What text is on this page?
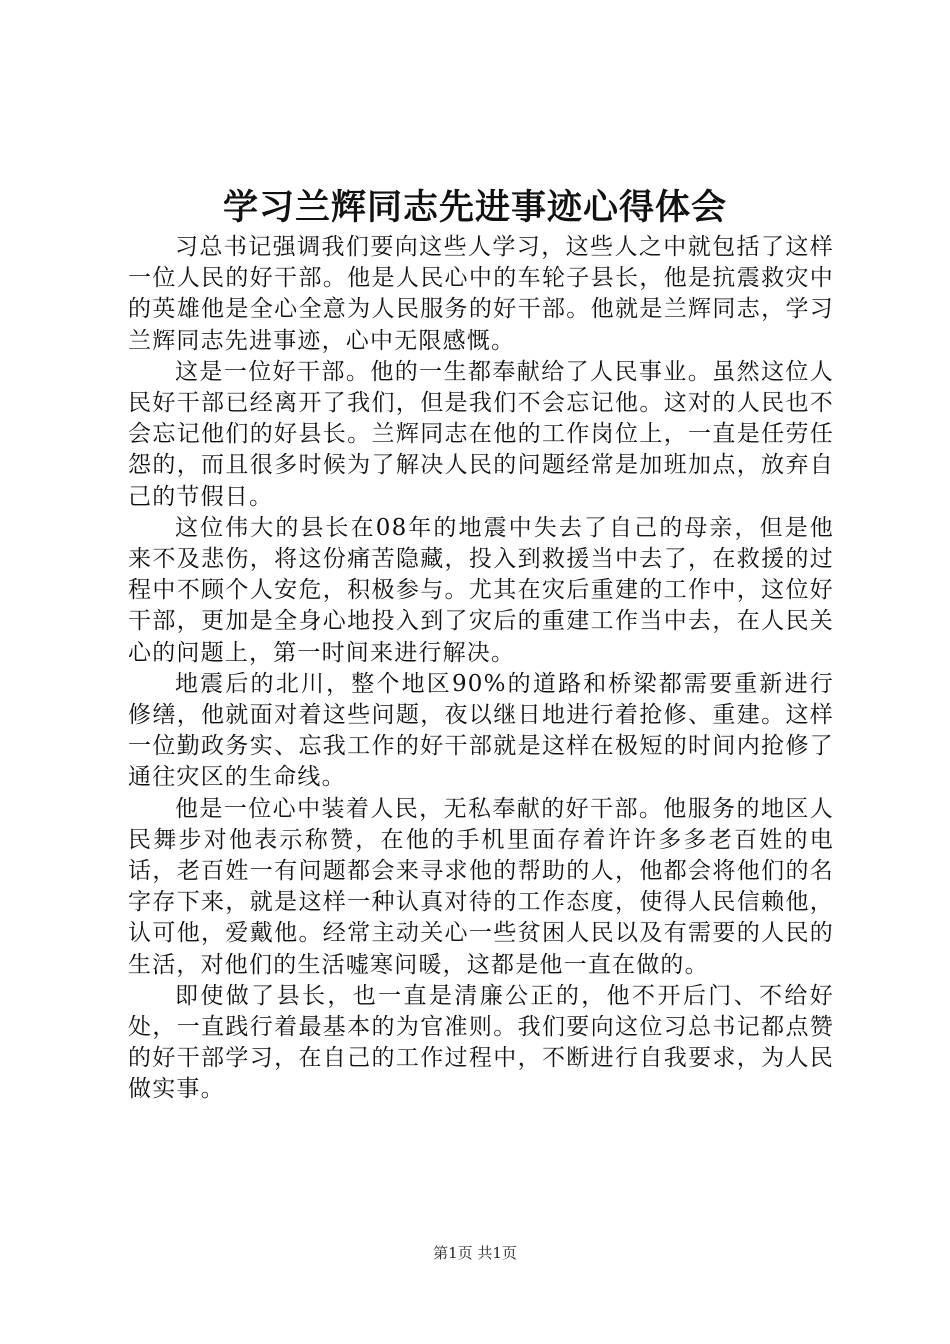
学习兰辉同志先进事迹心得体会

习总书记强调我们要向这些人学习，这些人之中就包括了这样一位人民的好干部。他是人民心中的车轮子县长，他是抗震救灾中的英雄他是全心全意为人民服务的好干部。他就是兰辉同志，学习兰辉同志先进事迹，心中无限感慨。

这是一位好干部。他的一生都奉献给了人民事业。虽然这位人民好干部已经离开了我们，但是我们不会忘记他。这对的人民也不会忘记他们的好县长。兰辉同志在他的工作岗位上，一直是任劳任怨的，而且很多时候为了解决人民的问题经常是加班加点，放弃自己的节假日。

这位伟大的县长在08年的地震中失去了自己的母亲，但是他来不及悲伤，将这份痛苦隐藏，投入到救援当中去了，在救援的过程中不顾个人安危，积极参与。尤其在灾后重建的工作中，这位好干部，更加是全身心地投入到了灾后的重建工作当中去，在人民关心的问题上，第一时间来进行解决。

地震后的北川，整个地区90%的道路和桥梁都需要重新进行修缮，他就面对着这些问题，夜以继日地进行着抢修、重建。这样一位勤政务实、忘我工作的好干部就是这样在极短的时间内抢修了通往灾区的生命线。

他是一位心中装着人民，无私奉献的好干部。他服务的地区人民舞步对他表示称赞，在他的手机里面存着许许多多老百姓的电话，老百姓一有问题都会来寻求他的帮助的人，他都会将他们的名字存下来，就是这样一种认真对待的工作态度，使得人民信赖他，认可他，爱戴他。经常主动关心一些贫困人民以及有需要的人民的生活，对他们的生活嘘寒问暖，这都是他一直在做的。

即使做了县长，也一直是清廉公正的，他不开后门、不给好处，一直践行着最基本的为官准则。我们要向这位习总书记都点赞的好干部学习，在自己的工作过程中，不断进行自我要求，为人民做实事。

第1页 共1页
